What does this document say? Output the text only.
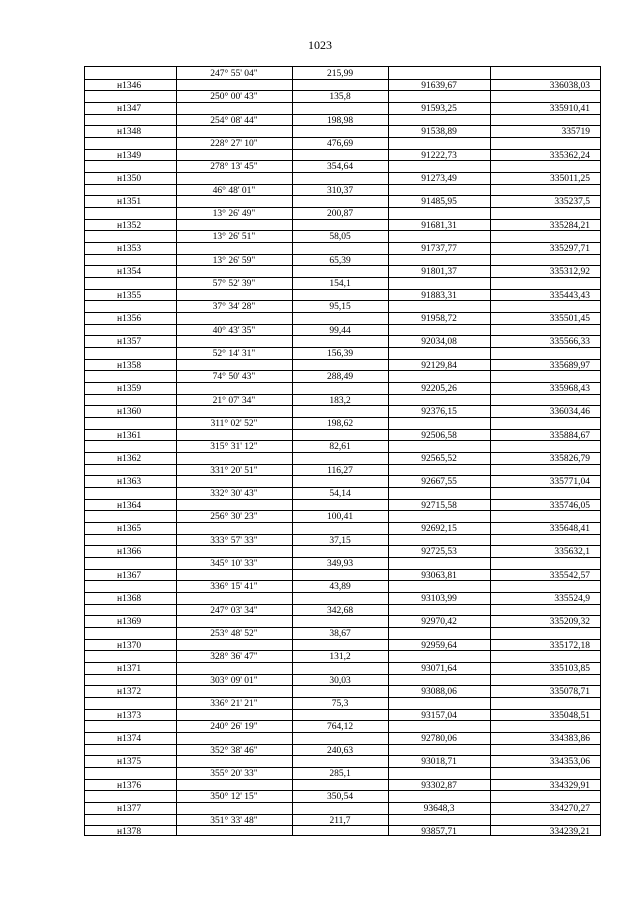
1023
247° 55' 04"	215,99
н1346	91639,67	336038,03
250° 00' 43"	135,8
н1347	91593,25	335910,41
254° 08' 44"	198,98
н1348	91538,89	335719
228° 27' 10"	476,69
н1349	91222,73	335362,24
278° 13' 45"	354,64
н1350	91273,49	335011,25
46° 48' 01"	310,37
н1351	91485,95	335237,5
13° 26' 49"	200,87
н1352	91681,31	335284,21
13° 26' 51"	58,05
н1353	91737,77	335297,71
13° 26' 59"	65,39
н1354	91801,37	335312,92
57° 52' 39"	154,1
н1355	91883,31	335443,43
37° 34' 28"	95,15
н1356	91958,72	335501,45
40° 43' 35"	99,44
н1357	92034,08	335566,33
52° 14' 31"	156,39
н1358	92129,84	335689,97
74° 50' 43"	288,49
н1359	92205,26	335968,43
21° 07' 34"	183,2
н1360	92376,15	336034,46
311° 02' 52"	198,62
н1361	92506,58	335884,67
315° 31' 12"	82,61
н1362	92565,52	335826,79
331° 20' 51"	116,27
н1363	92667,55	335771,04
332° 30' 43"	54,14
н1364	92715,58	335746,05
256° 30' 23"	100,41
н1365	92692,15	335648,41
333° 57' 33"	37,15
н1366	92725,53	335632,1
345° 10' 33"	349,93
н1367	93063,81	335542,57
336° 15' 41"	43,89
н1368	93103,99	335524,9
247° 03' 34"	342,68
н1369	92970,42	335209,32
253° 48' 52"	38,67
н1370	92959,64	335172,18
328° 36' 47"	131,2
н1371	93071,64	335103,85
303° 09' 01"	30,03
н1372	93088,06	335078,71
336° 21' 21"	75,3
н1373	93157,04	335048,51
240° 26' 19"	764,12
н1374	92780,06	334383,86
352° 38' 46"	240,63
н1375	93018,71	334353,06
355° 20' 33"	285,1
н1376	93302,87	334329,91
350° 12' 15"	350,54
н1377	93648,3	334270,27
351° 33' 48"	211,7
н1378	93857,71	334239,21
